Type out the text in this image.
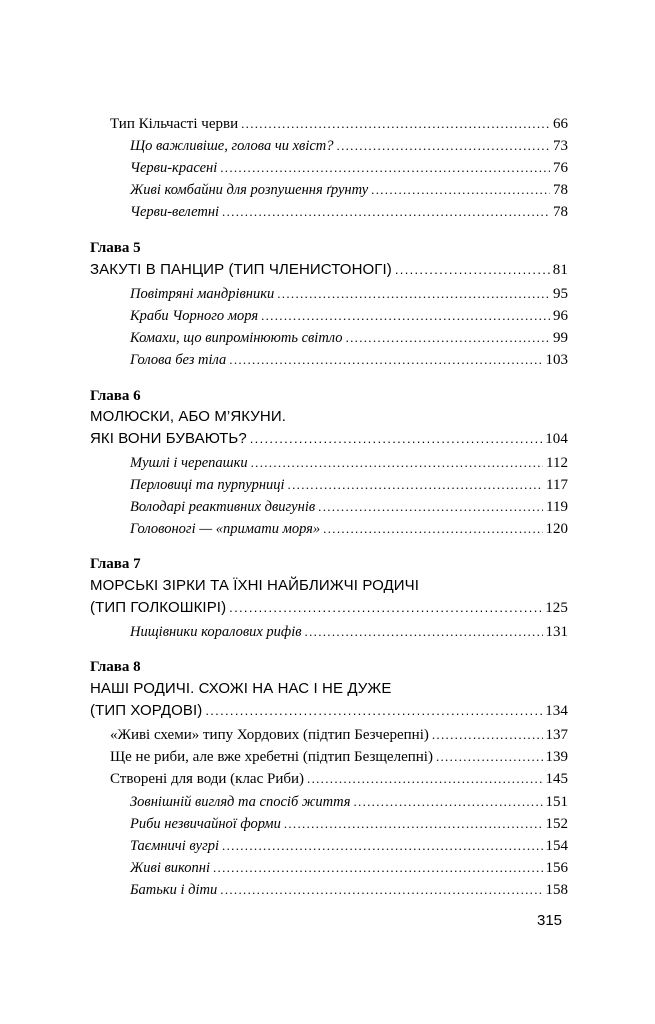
Тип Кільчасті черви .....	66
Що важливіше, голова чи хвіст? .....	73
Черви-красені .....	76
Живі комбайни для розпушення ґрунту .....	78
Черви-велетні .....	78
Глава 5
ЗАКУТІ В ПАНЦИР (ТИП ЧЛЕНИСТОНОГІ) .....	81
Повітряні мандрівники .....	95
Краби Чорного моря .....	96
Комахи, що випромінюють світло .....	99
Голова без тіла .....	103
Глава 6
МОЛЮСКИ, АБО М’ЯКУНИ.
ЯКІ ВОНИ БУВАЮТЬ? .....	104
Мушлі і черепашки .....	112
Перловиці та пурпурниці .....	117
Володарі реактивних двигунів .....	119
Головоногі — «примати моря» .....	120
Глава 7
МОРСЬКІ ЗІРКИ ТА ЇХНІ НАЙБЛИЖЧІ РОДИЧІ
(ТИП ГОЛКОШКІРІ) .....	125
Нищівники коралових рифів .....	131
Глава 8
НАШІ РОДИЧІ. СХОЖІ НА НАС І НЕ ДУЖЕ
(ТИП ХОРДОВІ) .....	134
«Живі схеми» типу Хордових (підтип Безчерепні) .....	137
Ще не риби, але вже хребетні (підтип Безщелепні) .....	139
Створені для води (клас Риби) .....	145
Зовнішній вигляд та спосіб життя .....	151
Риби незвичайної форми .....	152
Таємничі вугрі .....	154
Живі викопні .....	156
Батьки і діти .....	158
315
